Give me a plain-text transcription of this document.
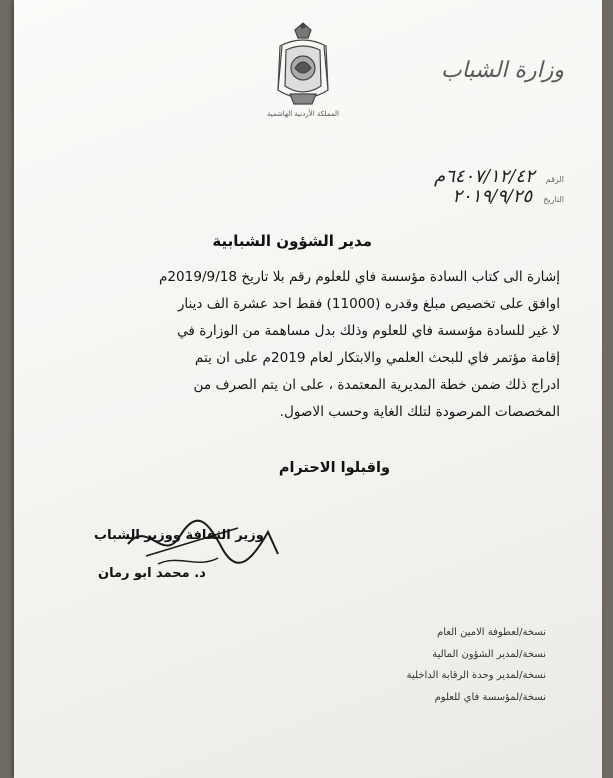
المملكة الأردنية الهاشمية
وزارة الشباب
الرقم ٦٤٠٧/١٢/٤٢م
التاريخ ٢٠١٩/٩/٢٥
مدير الشؤون الشبابية
إشارة الى كتاب السادة مؤسسة فاي للعلوم رقم بلا تاريخ 2019/9/18م
اوافق على تخصيص مبلغ وقدره (11000) فقط احد عشرة الف دينار
لا غير للسادة مؤسسة فاي للعلوم وذلك بدل مساهمة من الوزارة في
إقامة مؤتمر فاي للبحث العلمي والابتكار لعام 2019م على ان يتم
ادراج ذلك ضمن خطة المديرية المعتمدة ، على ان يتم الصرف من
المخصصات المرصودة لتلك الغاية وحسب الاصول.
واقبلوا الاحترام
وزير الثقافة ووزير الشباب
د. محمد ابو رمان
نسخة/لعطوفة الامين العام
نسخة/لمدير الشؤون المالية
نسخة/لمدير وحدة الرقابة الداخلية
نسخة/لمؤسسة فاي للعلوم
